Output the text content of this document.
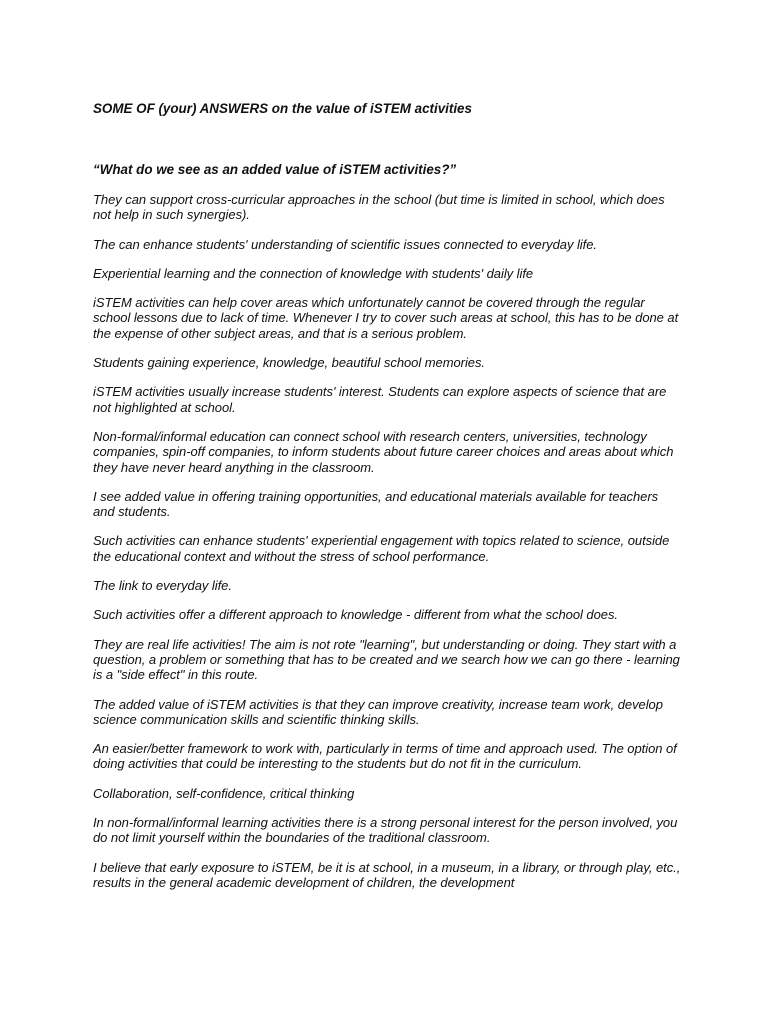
SOME OF (your) ANSWERS on the value of iSTEM activities
“What do we see as an added value of iSTEM activities?”

They can support cross-curricular approaches in the school (but time is limited in school, which does not help in such synergies).

The can enhance students' understanding of scientific issues connected to everyday life.

Experiential learning and the connection of knowledge with students' daily life

iSTEM activities can help cover areas which unfortunately cannot be covered through the regular school lessons due to lack of time. Whenever I try to cover such areas at school, this has to be done at the expense of other subject areas, and that is a serious problem.

Students gaining experience, knowledge, beautiful school memories.

iSTEM activities usually increase students' interest. Students can explore aspects of science that are not highlighted at school.

Non-formal/informal education can connect school with research centers, universities, technology companies, spin-off companies, to inform students about future career choices and areas about which they have never heard anything in the classroom.

I see added value in offering training opportunities, and educational materials available for teachers and students.

Such activities can enhance students' experiential engagement with topics related to science, outside the educational context and without the stress of school performance.

The link to everyday life.

Such activities offer a different approach to knowledge - different from what the school does.

They are real life activities! The aim is not rote "learning", but understanding or doing. They start with a question, a problem or something that has to be created and we search how we can go there - learning is a "side effect" in this route.

The added value of iSTEM activities is that they can improve creativity, increase team work, develop science communication skills and scientific thinking skills.

An easier/better framework to work with, particularly in terms of time and approach used. The option of doing activities that could be interesting to the students but do not fit in the curriculum.

Collaboration, self-confidence, critical thinking

In non-formal/informal learning activities there is a strong personal interest for the person involved, you do not limit yourself within the boundaries of the traditional classroom.

I believe that early exposure to iSTEM, be it is at school, in a museum, in a library, or through play, etc., results in the general academic development of children, the development
